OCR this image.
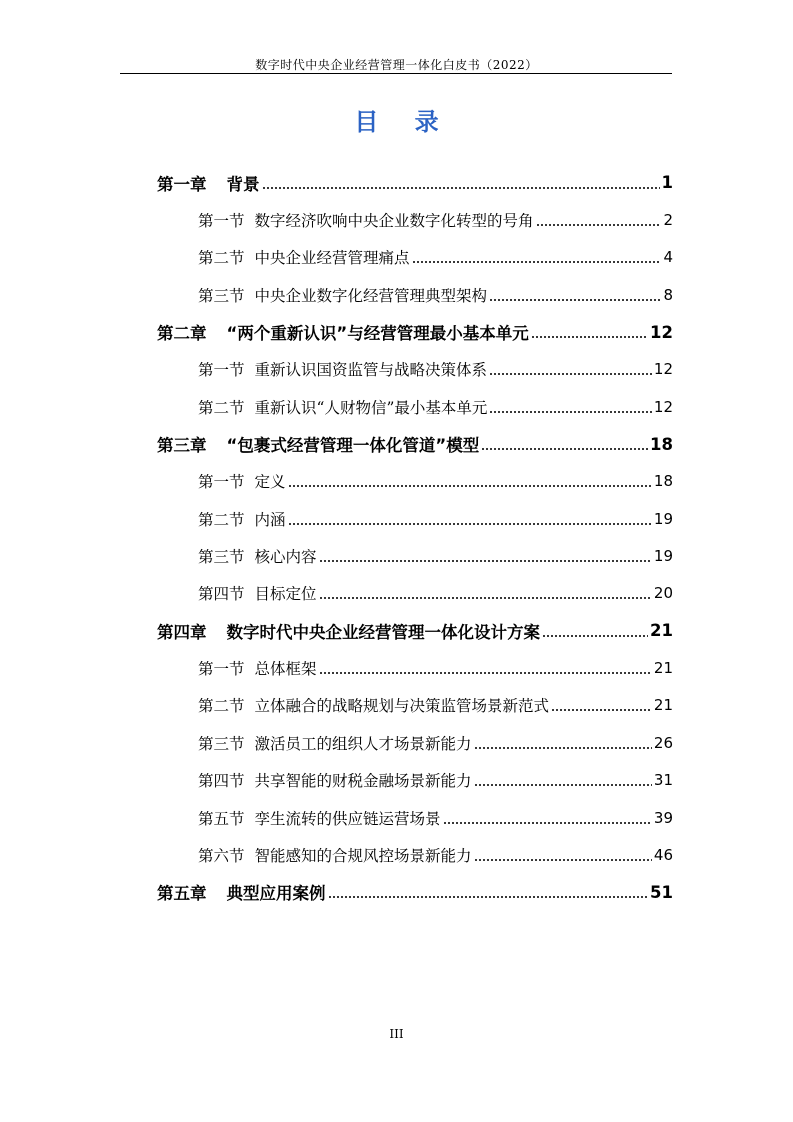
数字时代中央企业经营管理一体化白皮书（2022）
目 录
第一章 背景	1
第一节 数字经济吹响中央企业数字化转型的号角	2
第二节 中央企业经营管理痛点	4
第三节 中央企业数字化经营管理典型架构	8
第二章 “两个重新认识”与经营管理最小基本单元	12
第一节 重新认识国资监管与战略决策体系	12
第二节 重新认识“人财物信”最小基本单元	12
第三章 “包裹式经营管理一体化管道”模型	18
第一节 定义	18
第二节 内涵	19
第三节 核心内容	19
第四节 目标定位	20
第四章 数字时代中央企业经营管理一体化设计方案	21
第一节 总体框架	21
第二节 立体融合的战略规划与决策监管场景新范式	21
第三节 激活员工的组织人才场景新能力	26
第四节 共享智能的财税金融场景新能力	31
第五节 孪生流转的供应链运营场景	39
第六节 智能感知的合规风控场景新能力	46
第五章 典型应用案例	51
III
